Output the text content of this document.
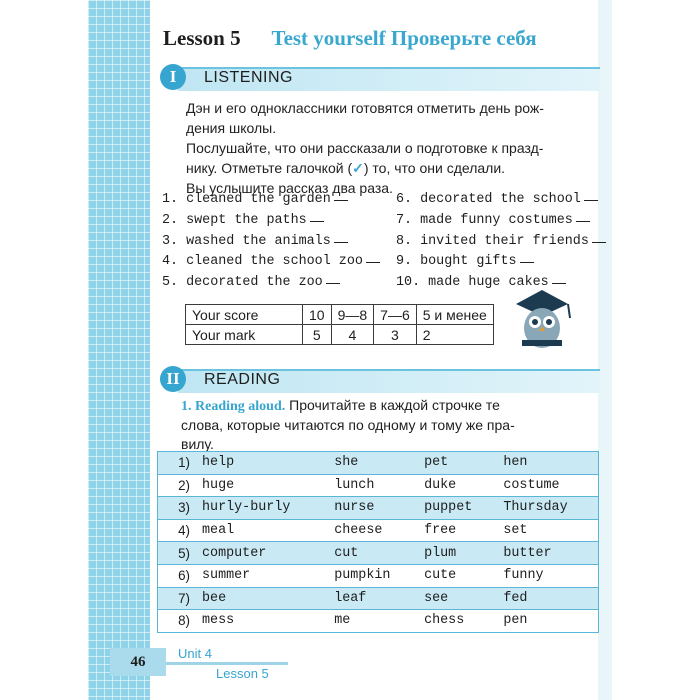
Lesson 5 Test yourself Проверьте себя
I	LISTENING
Дэн и его одноклассники готовятся отметить день рож-
дения школы.
Послушайте, что они рассказали о подготовке к празд-
нику. Отметьте галочкой (✓) то, что они сделали.
Вы услышите рассказ два раза.
1. cleaned the garden
2. swept the paths
3. washed the animals
4. cleaned the school zoo
5. decorated the zoo
6. decorated the school
7. made funny costumes
8. invited their friends
9. bought gifts
10. made huge cakes
Your score	10	9—8	7—6	5 и менее
Your mark	5	4	3	2
II	READING
1. Reading aloud. Прочитайте в каждой строчке те
слова, которые читаются по одному и тому же пра-
вилу.
1)	help	she	pet	hen
2)	huge	lunch	duke	costume
3)	hurly-burly	nurse	puppet	Thursday
4)	meal	cheese	free	set
5)	computer	cut	plum	butter
6)	summer	pumpkin	cute	funny
7)	bee	leaf	see	fed
8)	mess	me	chess	pen
46
Unit 4
Lesson 5
